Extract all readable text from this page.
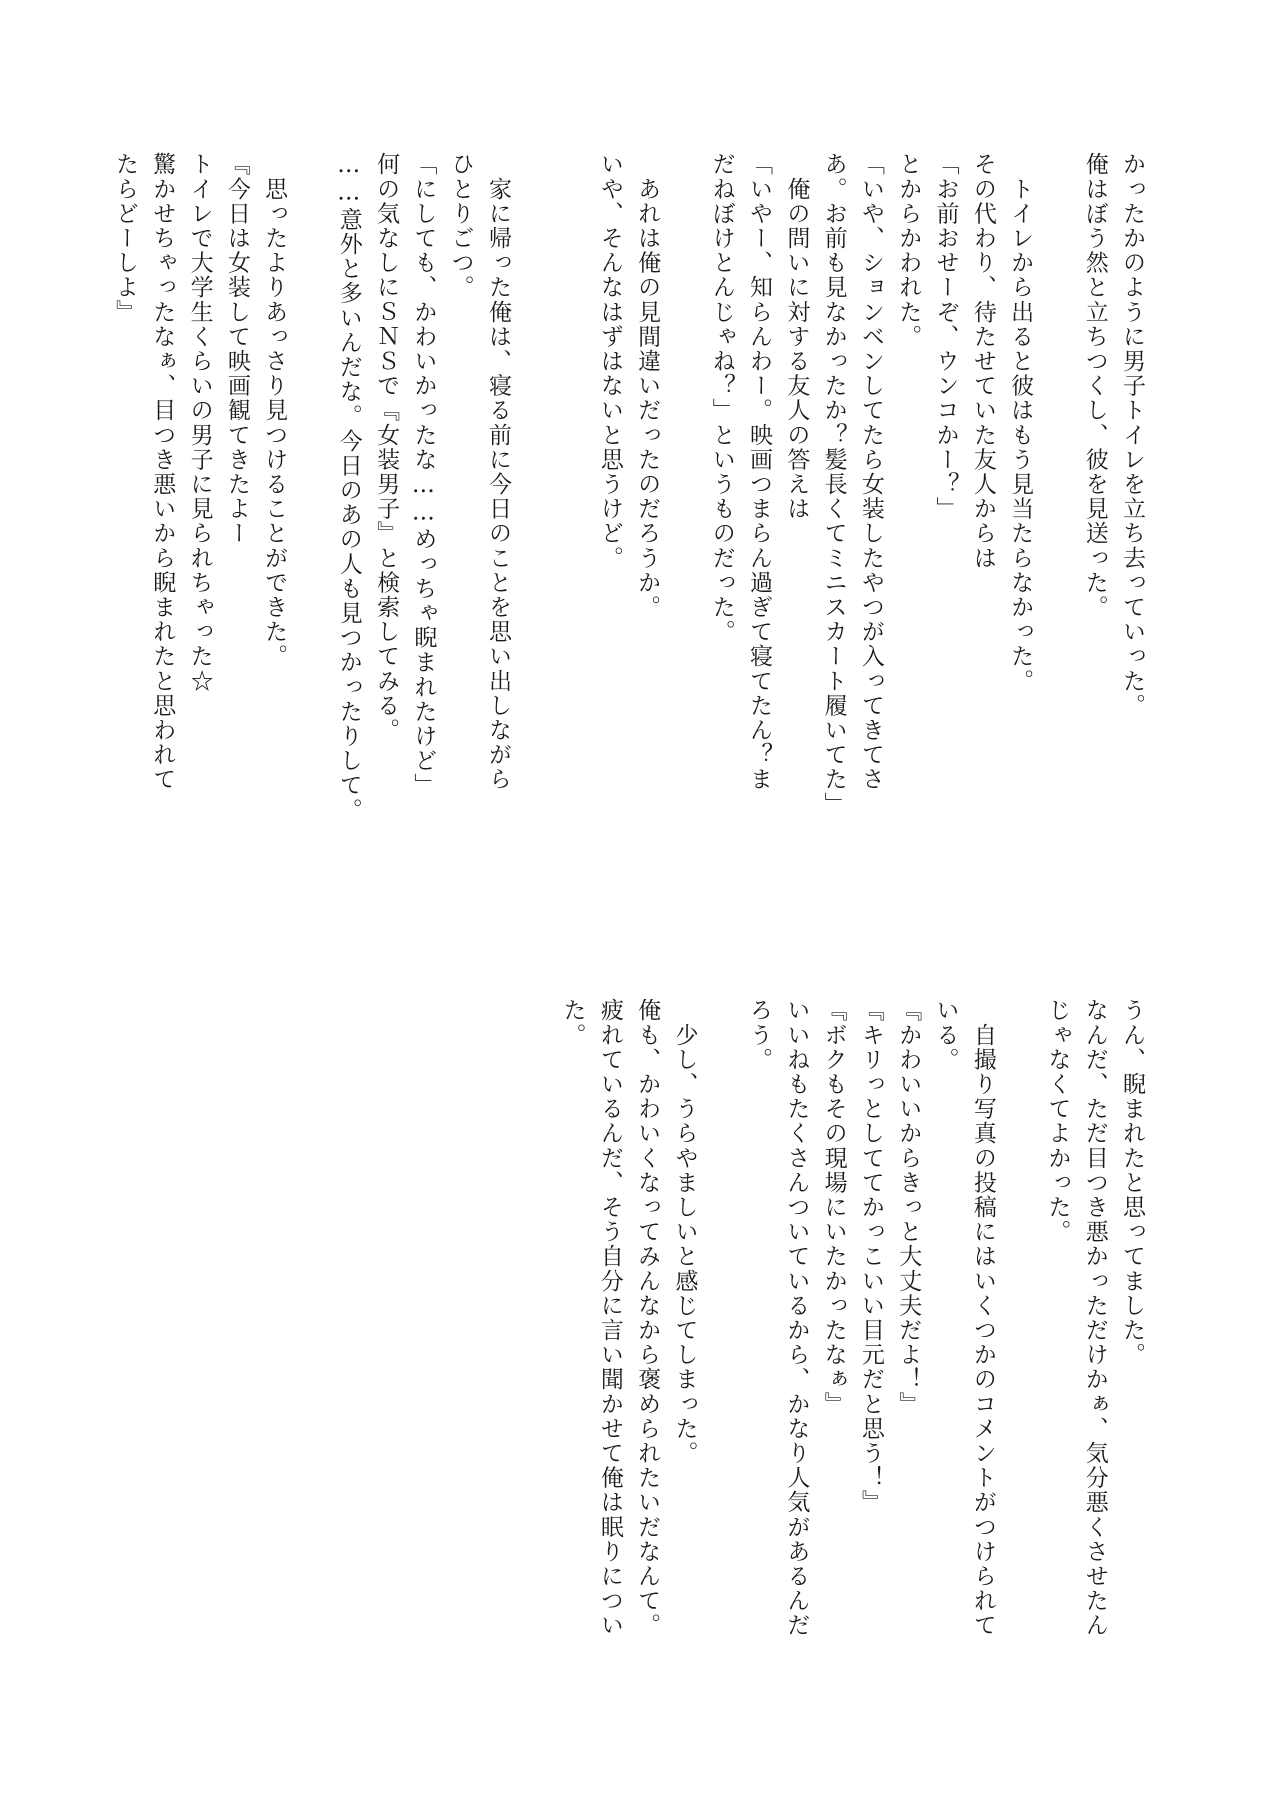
かったかのように男子トイレを立ち去っていった。
俺はぼう然と立ちつくし、彼を見送った。

　トイレから出ると彼はもう見当たらなかった。
その代わり、待たせていた友人からは
「お前おせーぞ、ウンコかー？」
とからかわれた。
「いや、ションベンしてたら女装したやつが入ってきてさ
あ。お前も見なかったか？髪長くてミニスカート履いてた」
　俺の問いに対する友人の答えは
「いやー、知らんわー。映画つまらん過ぎて寝てたん？ま
だねぼけとんじゃね？」というものだった。

　あれは俺の見間違いだったのだろうか。
いや、そんなはずはないと思うけど。

　家に帰った俺は、寝る前に今日のことを思い出しながら
ひとりごつ。
「にしても、かわいかったな……めっちゃ睨まれたけど」
何の気なしにＳＮＳで『女装男子』と検索してみる。
……意外と多いんだな。今日のあの人も見つかったりして。

　思ったよりあっさり見つけることができた。
『今日は女装して映画観てきたよー
トイレで大学生くらいの男子に見られちゃった☆
驚かせちゃったなぁ、目つき悪いから睨まれたと思われて
たらどーしよ』
うん、睨まれたと思ってました。
なんだ、ただ目つき悪かっただけかぁ、気分悪くさせたん
じゃなくてよかった。

　自撮り写真の投稿にはいくつかのコメントがつけられて
いる。
『かわいいからきっと大丈夫だよ！』
『キリっとしててかっこいい目元だと思う！』
『ボクもその現場にいたかったなぁ』
いいねもたくさんついているから、かなり人気があるんだ
ろう。

　少し、うらやましいと感じてしまった。
俺も、かわいくなってみんなから褒められたいだなんて。
疲れているんだ、そう自分に言い聞かせて俺は眠りについ
た。
